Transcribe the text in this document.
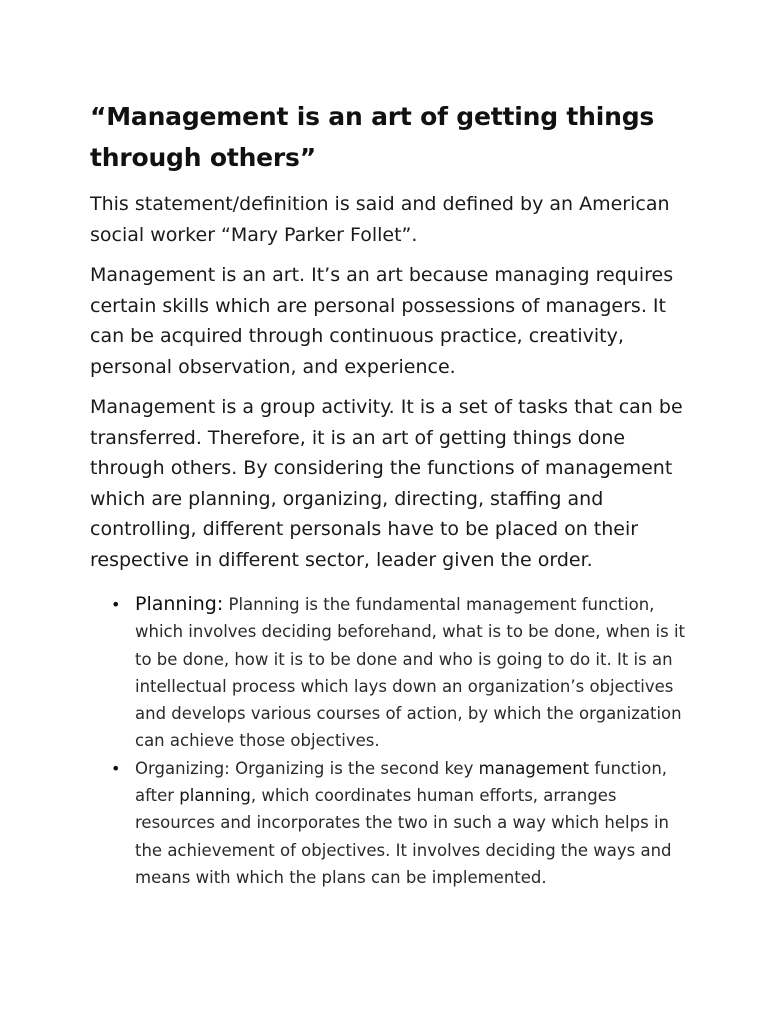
“Management is an art of getting things through others”

This statement/definition is said and defined by an American social worker “Mary Parker Follet”.

Management is an art. It’s an art because managing requires certain skills which are personal possessions of managers. It can be acquired through continuous practice, creativity, personal observation, and experience.

Management is a group activity. It is a set of tasks that can be transferred. Therefore, it is an art of getting things done through others. By considering the functions of management which are planning, organizing, directing, staffing and controlling, different personals have to be placed on their respective in different sector, leader given the order.

• Planning: Planning is the fundamental management function, which involves deciding beforehand, what is to be done, when is it to be done, how it is to be done and who is going to do it. It is an intellectual process which lays down an organization’s objectives and develops various courses of action, by which the organization can achieve those objectives.
• Organizing: Organizing is the second key management function, after planning, which coordinates human efforts, arranges resources and incorporates the two in such a way which helps in the achievement of objectives. It involves deciding the ways and means with which the plans can be implemented.
